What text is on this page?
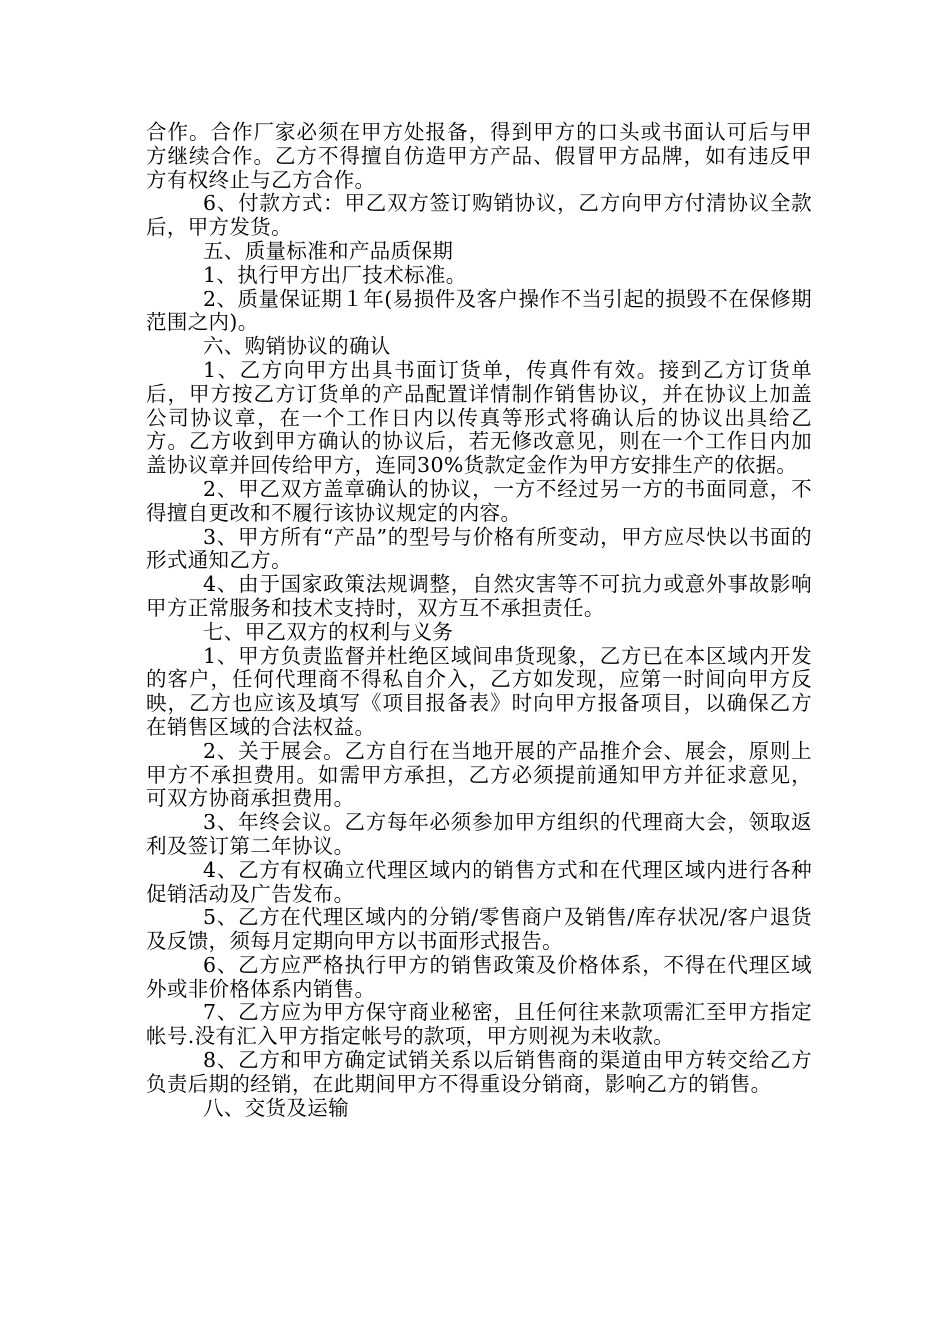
合作。合作厂家必须在甲方处报备，得到甲方的口头或书面认可后与甲方继续合作。乙方不得擅自仿造甲方产品、假冒甲方品牌，如有违反甲方有权终止与乙方合作。

6、付款方式：甲乙双方签订购销协议，乙方向甲方付清协议全款后，甲方发货。

五、质量标准和产品质保期

1、执行甲方出厂技术标准。

2、质量保证期１年(易损件及客户操作不当引起的损毁不在保修期范围之内)。

六、购销协议的确认

1、乙方向甲方出具书面订货单，传真件有效。接到乙方订货单后，甲方按乙方订货单的产品配置详情制作销售协议，并在协议上加盖公司协议章，在一个工作日内以传真等形式将确认后的协议出具给乙方。乙方收到甲方确认的协议后，若无修改意见，则在一个工作日内加盖协议章并回传给甲方，连同30%货款定金作为甲方安排生产的依据。

2、甲乙双方盖章确认的协议，一方不经过另一方的书面同意，不得擅自更改和不履行该协议规定的内容。

3、甲方所有“产品”的型号与价格有所变动，甲方应尽快以书面的形式通知乙方。

4、由于国家政策法规调整，自然灾害等不可抗力或意外事故影响甲方正常服务和技术支持时，双方互不承担责任。

七、甲乙双方的权利与义务

1、甲方负责监督并杜绝区域间串货现象，乙方已在本区域内开发的客户，任何代理商不得私自介入，乙方如发现，应第一时间向甲方反映，乙方也应该及填写《项目报备表》时向甲方报备项目，以确保乙方在销售区域的合法权益。

2、关于展会。乙方自行在当地开展的产品推介会、展会，原则上甲方不承担费用。如需甲方承担，乙方必须提前通知甲方并征求意见，可双方协商承担费用。

3、年终会议。乙方每年必须参加甲方组织的代理商大会，领取返利及签订第二年协议。

4、乙方有权确立代理区域内的销售方式和在代理区域内进行各种促销活动及广告发布。

5、乙方在代理区域内的分销/零售商户及销售/库存状况/客户退货及反馈，须每月定期向甲方以书面形式报告。

6、乙方应严格执行甲方的销售政策及价格体系，不得在代理区域外或非价格体系内销售。

7、乙方应为甲方保守商业秘密，且任何往来款项需汇至甲方指定帐号.没有汇入甲方指定帐号的款项，甲方则视为未收款。

8、乙方和甲方确定试销关系以后销售商的渠道由甲方转交给乙方负责后期的经销，在此期间甲方不得重设分销商，影响乙方的销售。

八、交货及运输
